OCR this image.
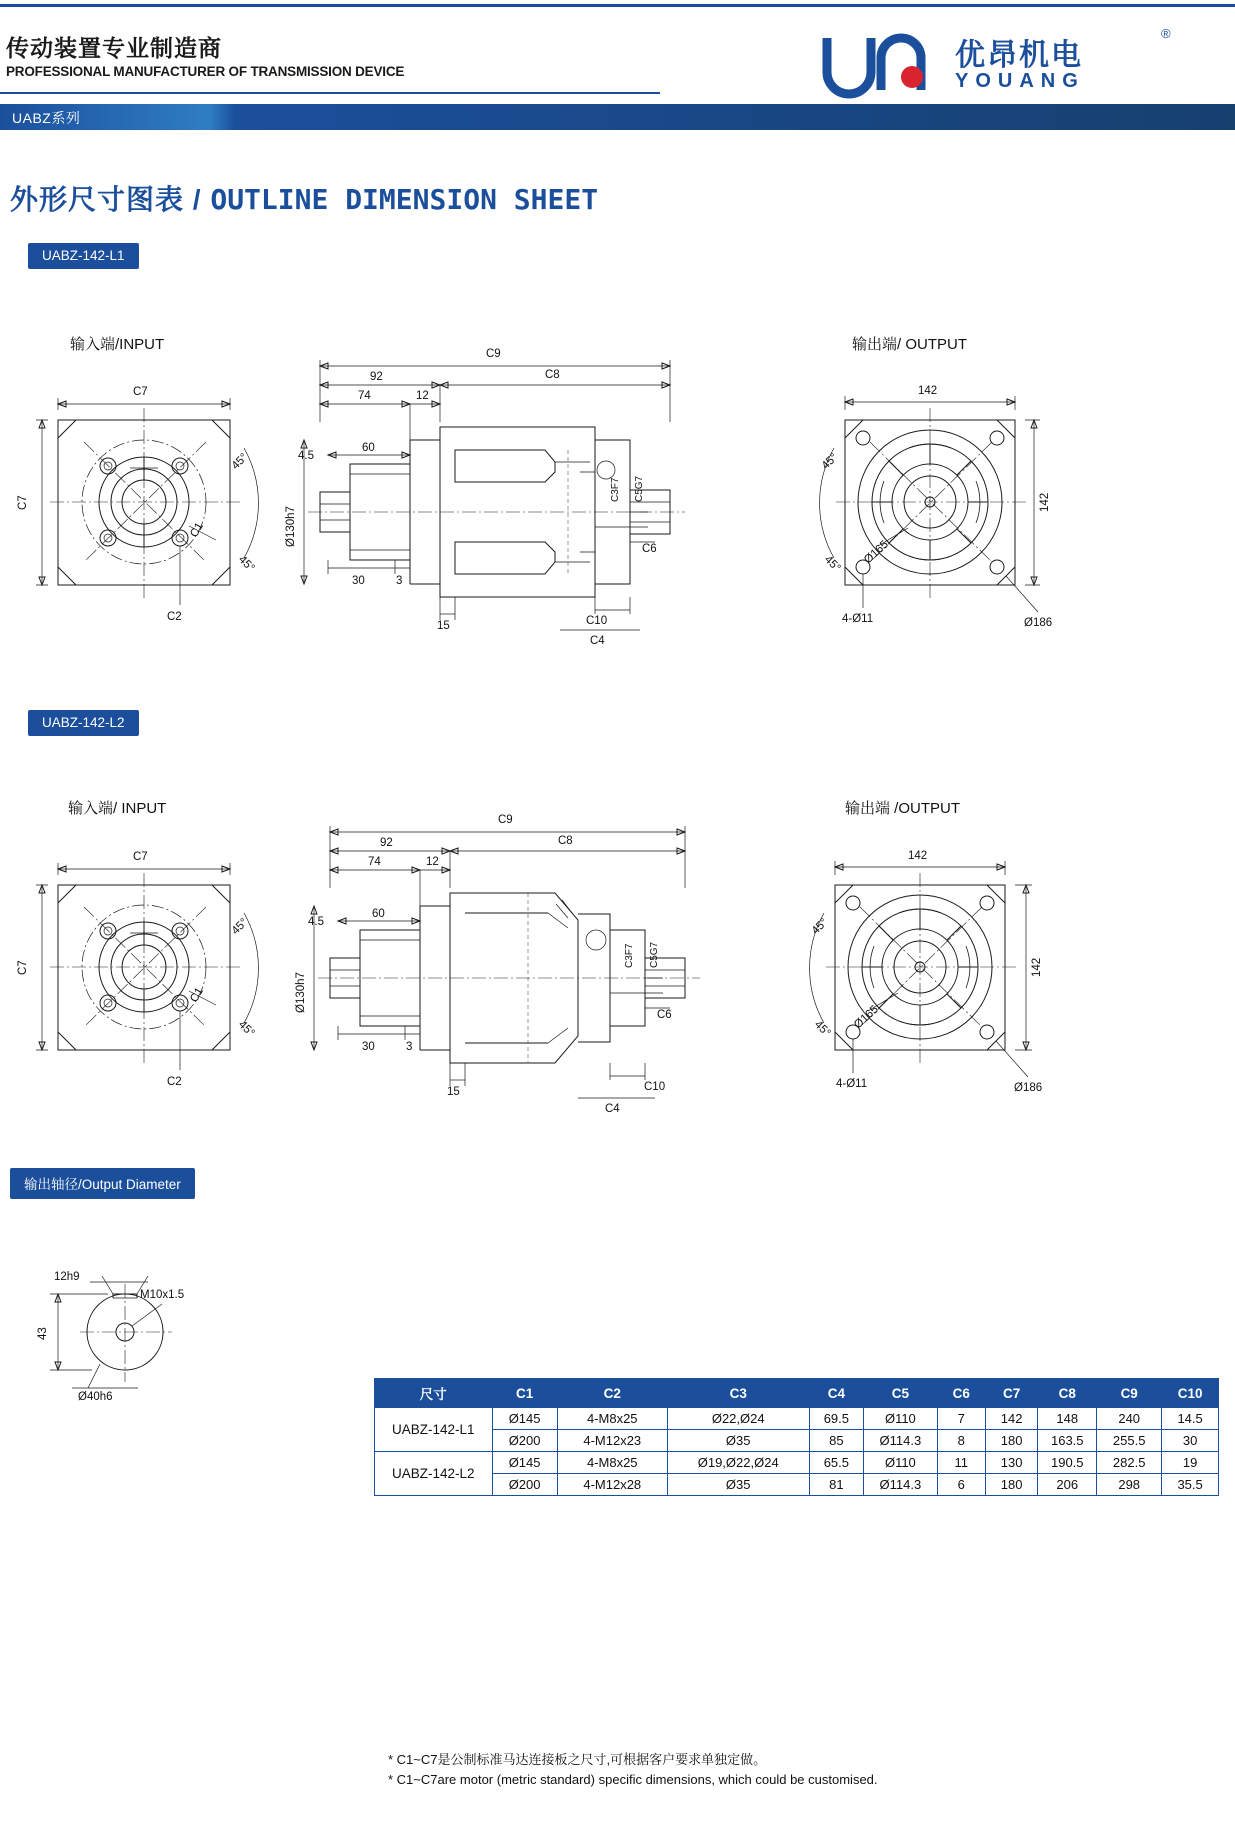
传动装置专业制造商
PROFESSIONAL MANUFACTURER OF TRANSMISSION DEVICE	优昂机电
YOUANG
®
UABZ系列
外形尺寸图表 / OUTLINE DIMENSION SHEET
UABZ-142-L1
输入端/INPUT	输出端/ OUTPUT
C7
C7
C1
C2
45°
45°
C9
92	C8
74	12
4.5
60
Ø130h7
30	3
15
C3F7 C5G7
C6
C10
C4
142
142
Ø165
4-Ø11	Ø186
45°
45°
UABZ-142-L2
输入端/ INPUT	输出端 /OUTPUT
C7
C7
C1
C2
45°
45°
C9
92	C8
74	12
4.5
60
Ø130h7
30	3
15
C3F7 C5G7
C6
C10
C4
142
142
Ø165
4-Ø11	Ø186
45°
45°
输出轴径/Output Diameter
12h9
43
M10x1.5
Ø40h6	尺寸	C1	C2	C3	C4	C5	C6	C7	C8	C9	C10
UABZ-142-L1	Ø145	4-M8x25	Ø22,Ø24	69.5	Ø110	7	142	148	240	14.5
	Ø200	4-M12x23	Ø35	85	Ø114.3	8	180	163.5	255.5	30
UABZ-142-L2	Ø145	4-M8x25	Ø19,Ø22,Ø24	65.5	Ø110	11	130	190.5	282.5	19
	Ø200	4-M12x28	Ø35	81	Ø114.3	6	180	206	298	35.5
* C1~C7是公制标准马达连接板之尺寸,可根据客户要求单独定做。
* C1~C7are motor (metric standard) specific dimensions, which could be customised.
